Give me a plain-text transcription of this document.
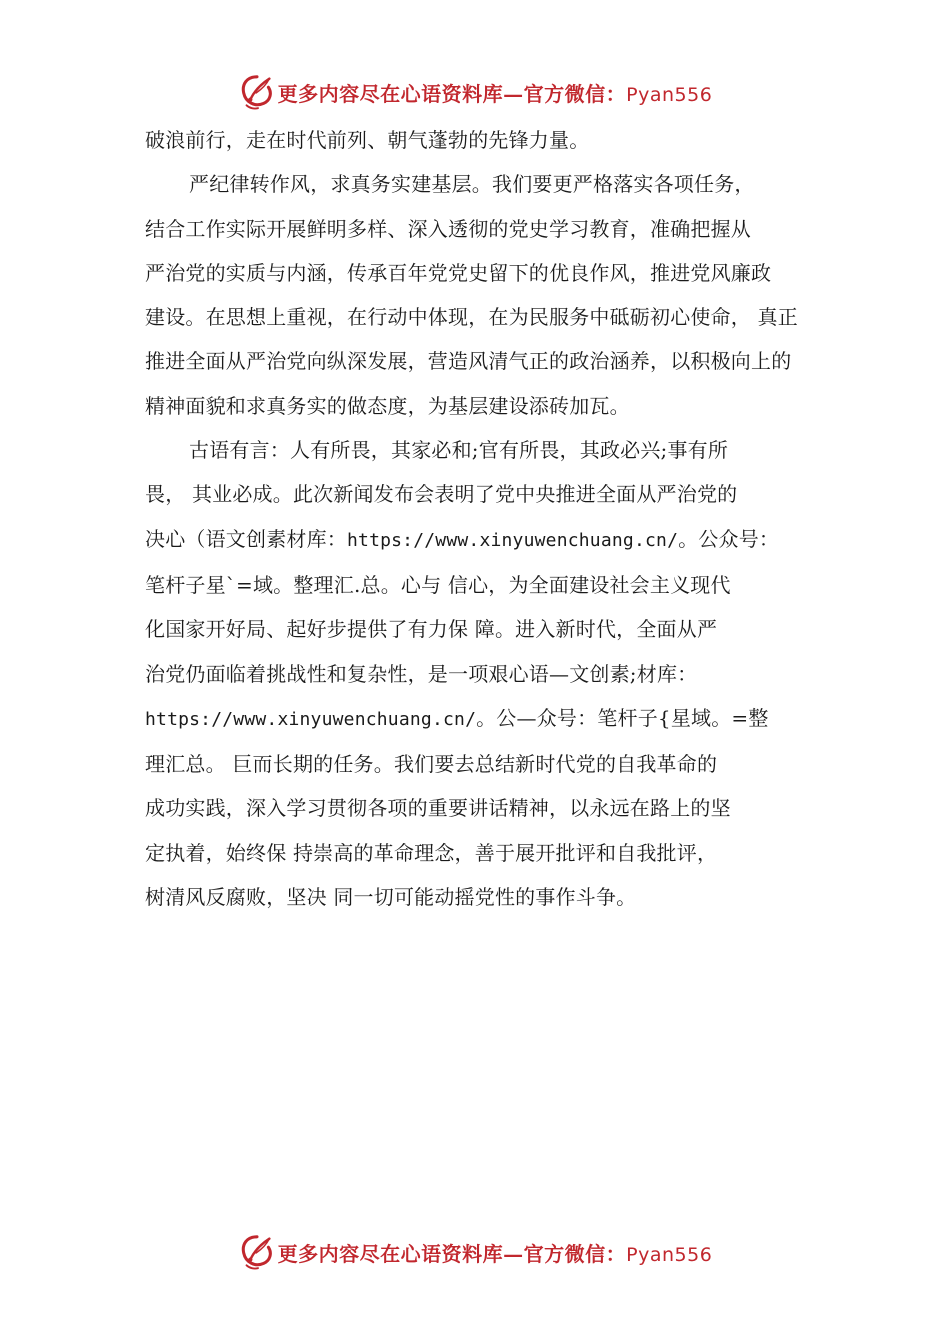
更多内容尽在心语资料库—官方微信：Pyan556

破浪前行，走在时代前列、朝气蓬勃的先锋力量。

严纪律转作风，求真务实建基层。我们要更严格落实各项任务，
结合工作实际开展鲜明多样、深入透彻的党史学习教育，准确把握从
严治党的实质与内涵，传承百年党党史留下的优良作风，推进党风廉政
建设。在思想上重视，在行动中体现，在为民服务中砥砺初心使命， 真正
推进全面从严治党向纵深发展，营造风清气正的政治涵养，以积极向上的
精神面貌和求真务实的做态度，为基层建设添砖加瓦。

古语有言：人有所畏，其家必和;官有所畏，其政必兴;事有所
畏， 其业必成。此次新闻发布会表明了党中央推进全面从严治党的
决心（语文创素材库：https://www.xinyuwenchuang.cn/。公众号：
笔杆子星`=域。整理汇.总。心与 信心，为全面建设社会主义现代
化国家开好局、起好步提供了有力保 障。进入新时代，全面从严
治党仍面临着挑战性和复杂性，是一项艰心语—文创素;材库：
https://www.xinyuwenchuang.cn/。公—众号：笔杆子{星域。=整
理汇总。 巨而长期的任务。我们要去总结新时代党的自我革命的
成功实践，深入学习贯彻各项的重要讲话精神，以永远在路上的坚
定执着，始终保 持崇高的革命理念，善于展开批评和自我批评，
树清风反腐败，坚决 同一切可能动摇党性的事作斗争。

更多内容尽在心语资料库—官方微信：Pyan556
